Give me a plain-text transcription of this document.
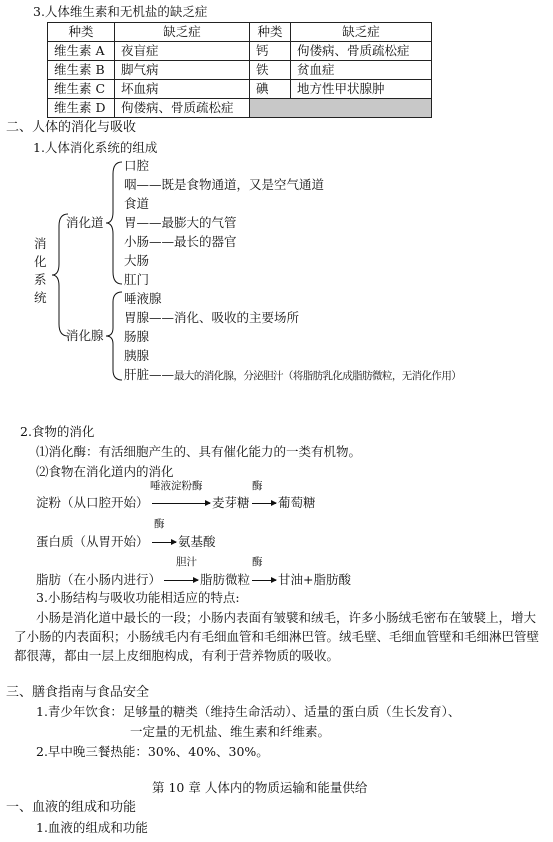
3.人体维生素和无机盐的缺乏症
种类	缺乏症	种类	缺乏症
维生素 A	夜盲症	钙	佝偻病、骨质疏松症
维生素 B	脚气病	铁	贫血症
维生素 C	坏血病	碘	地方性甲状腺肿
维生素 D	佝偻病、骨质疏松症		
二、人体的消化与吸收
1.人体消化系统的组成
消
化
系
统
消化道
消化腺
口腔
咽——既是食物通道，又是空气通道
食道
胃——最膨大的气管
小肠——最长的器官
大肠
肛门
唾液腺
胃腺——消化、吸收的主要场所
肠腺
胰腺
肝脏——最大的消化腺，分泌胆汁（将脂肪乳化成脂肪微粒，无消化作用）
2.食物的消化
⑴消化酶：有活细胞产生的、具有催化能力的一类有机物。
⑵食物在消化道内的消化
唾液淀粉酶	酶
淀粉（从口腔开始）	麦芽糖 葡萄糖
酶
蛋白质（从胃开始） 氨基酸
胆汁	酶
脂肪（在小肠内进行）	脂肪微粒 甘油+脂肪酸
3.小肠结构与吸收功能相适应的特点:
小肠是消化道中最长的一段；小肠内表面有皱襞和绒毛，许多小肠绒毛密布在皱襞上，增大了小肠的内表面积；小肠绒毛内有毛细血管和毛细淋巴管。绒毛壁、毛细血管壁和毛细淋巴管壁都很薄，都由一层上皮细胞构成，有利于营养物质的吸收。
三、膳食指南与食品安全
1.青少年饮食：足够量的糖类（维持生命活动）、适量的蛋白质（生长发育）、
一定量的无机盐、维生素和纤维素。
2.早中晚三餐热能：30%、40%、30%。
第 10 章 人体内的物质运输和能量供给
一、血液的组成和功能
1.血液的组成和功能
